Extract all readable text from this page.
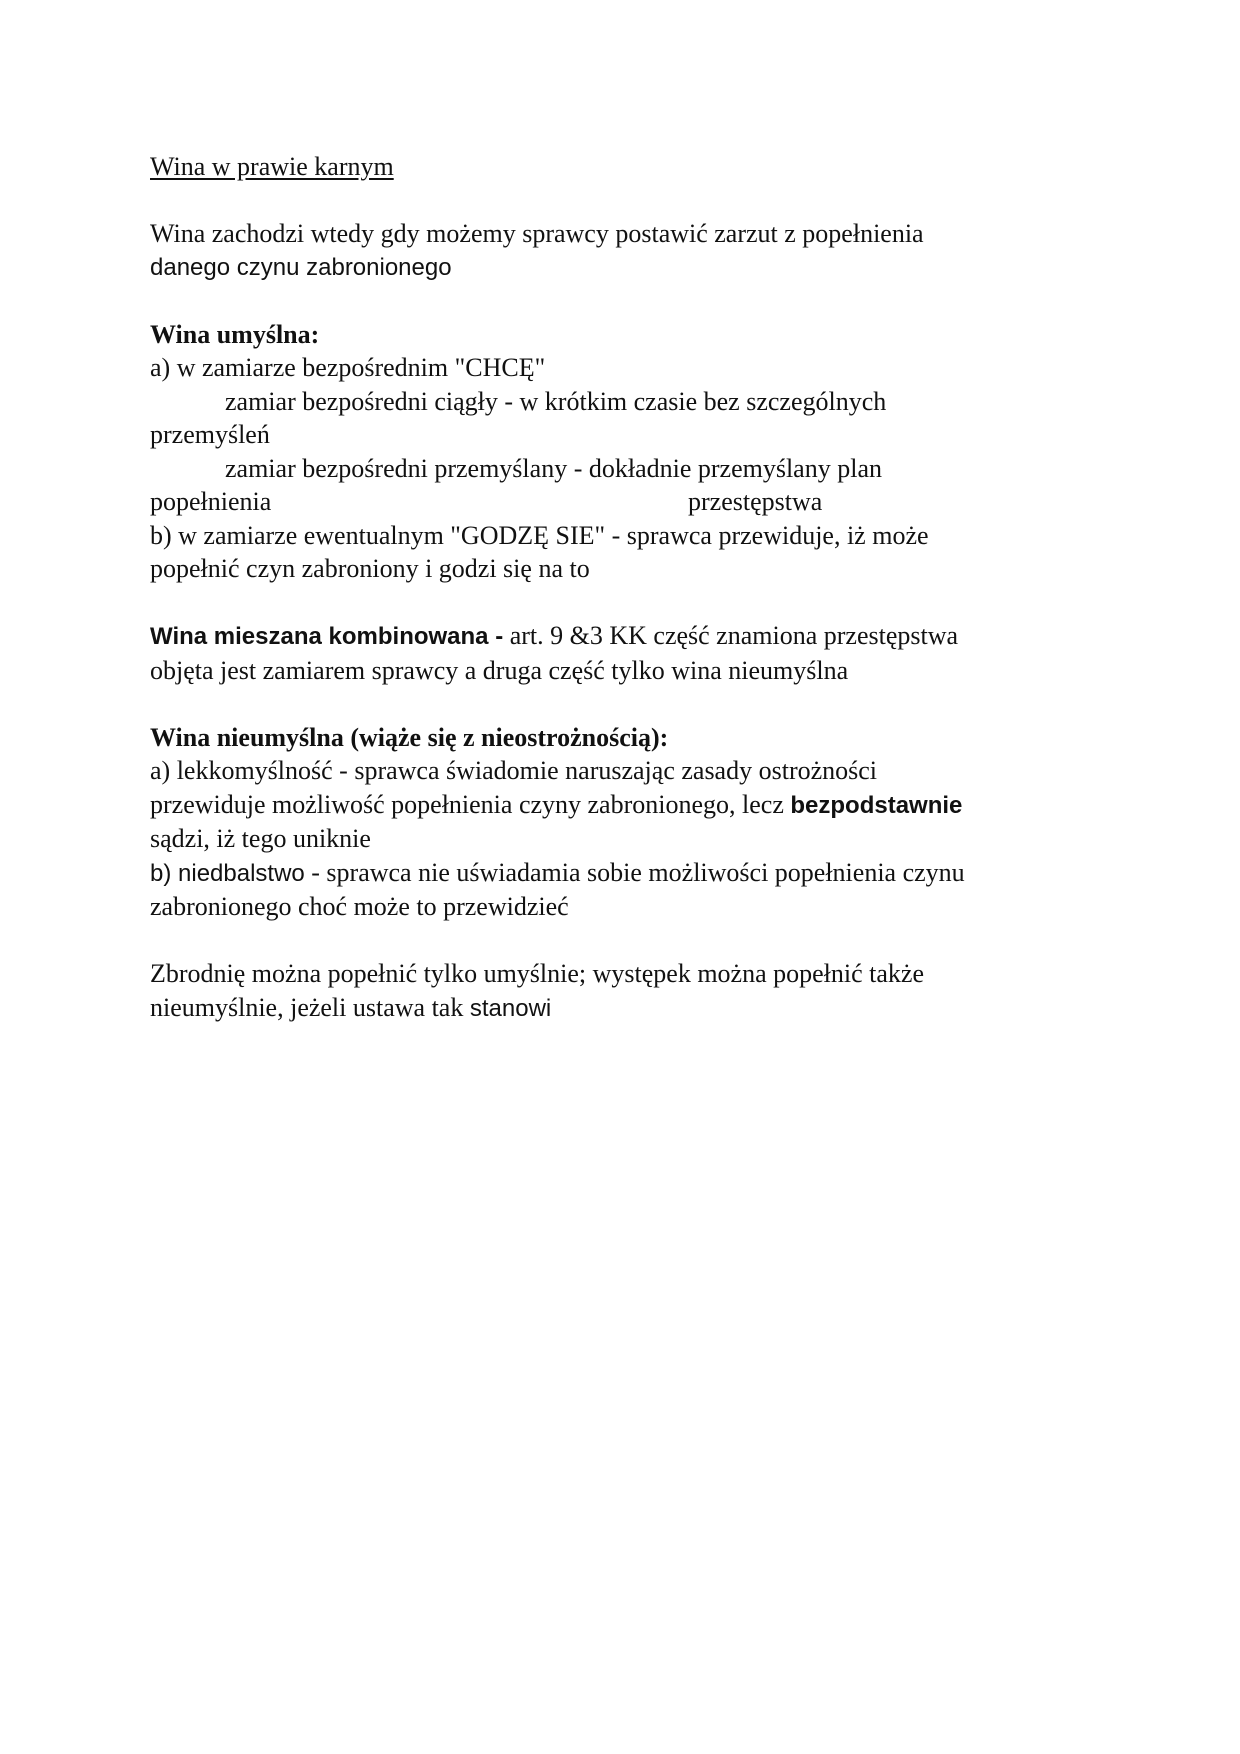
Wina w prawie karnym
Wina zachodzi wtedy gdy możemy sprawcy postawić zarzut z popełnienia
danego czynu zabronionego
Wina umyślna:
a) w zamiarze bezpośrednim "CHCĘ"
zamiar bezpośredni ciągły - w krótkim czasie bez szczególnych
przemyśleń
zamiar bezpośredni przemyślany - dokładnie przemyślany plan
popełnienia	przestępstwa
b) w zamiarze ewentualnym "GODZĘ SIE" - sprawca przewiduje, iż może
popełnić czyn zabroniony i godzi się na to
Wina mieszana kombinowana - art. 9 &3 KK część znamiona przestępstwa
objęta jest zamiarem sprawcy a druga część tylko wina nieumyślna
Wina nieumyślna (wiąże się z nieostrożnością):
a) lekkomyślność - sprawca świadomie naruszając zasady ostrożności
przewiduje możliwość popełnienia czyny zabronionego, lecz bezpodstawnie
sądzi, iż tego uniknie
b) niedbalstwo - sprawca nie uświadamia sobie możliwości popełnienia czynu
zabronionego choć może to przewidzieć
Zbrodnię można popełnić tylko umyślnie; występek można popełnić także
nieumyślnie, jeżeli ustawa tak stanowi
